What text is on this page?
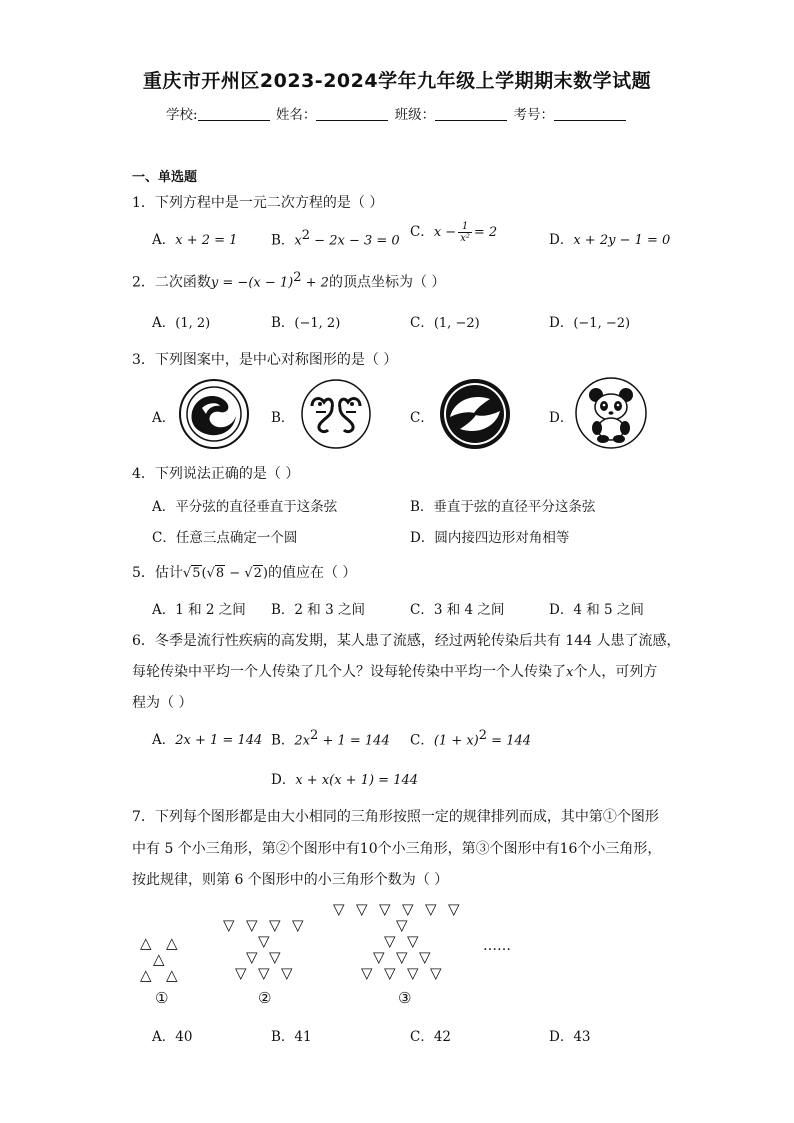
重庆市开州区2023-2024学年九年级上学期期末数学试题
学校:	姓名：	班级：	考号：
一、单选题
1．下列方程中是一元二次方程的是（ ）
A．x + 2 = 1 B．$x^2 - 2x - 3 = 0$
C．$x - \frac{1}{\text{x²}} = 2$	D．x + 2y − 1 = 0
2．二次函数$y = -(x - 1)^2 + 2$的顶点坐标为（ ）
A．(1, 2)	B．(−1, 2)	C．(1, −2)	D．(−1, −2)
3．下列图案中，是中心对称图形的是（ ）
A．	B．	C．	D．
4．下列说法正确的是（ ）
A．平分弦的直径垂直于这条弦	B．垂直于弦的直径平分这条弦
C．任意三点确定一个圆	D．圆内接四边形对角相等
5．估计√5(√8 − √2)的值应在（ ）
A．1 和 2 之间 B．2 和 3 之间	C．3 和 4 之间	D．4 和 5 之间
6．冬季是流行性疾病的高发期，某人患了流感，经过两轮传染后共有 144 人患了流感，
每轮传染中平均一个人传染了几个人？设每轮传染中平均一个人传染了x个人，可列方
程为（ ）
A．2x + 1 = 144 B．$2x^2 + 1 = 144$ C．$(1 + x)^2 = 144$
D．x + x(x + 1) = 144
7．下列每个图形都是由大小相同的三角形按照一定的规律排列而成，其中第①个图形
中有 5 个小三角形，第②个图形中有10个小三角形，第③个图形中有16个小三角形，
按此规律，则第 6 个图形中的小三角形个数为（ ）
△ △
△
△ △
①
▽ ▽ ▽ ▽
▽
▽ ▽
▽ ▽ ▽
②
▽ ▽ ▽ ▽ ▽ ▽
▽
▽ ▽
▽ ▽ ▽
▽ ▽ ▽ ▽
③
……
A．40	B．41	C．42	D．43
